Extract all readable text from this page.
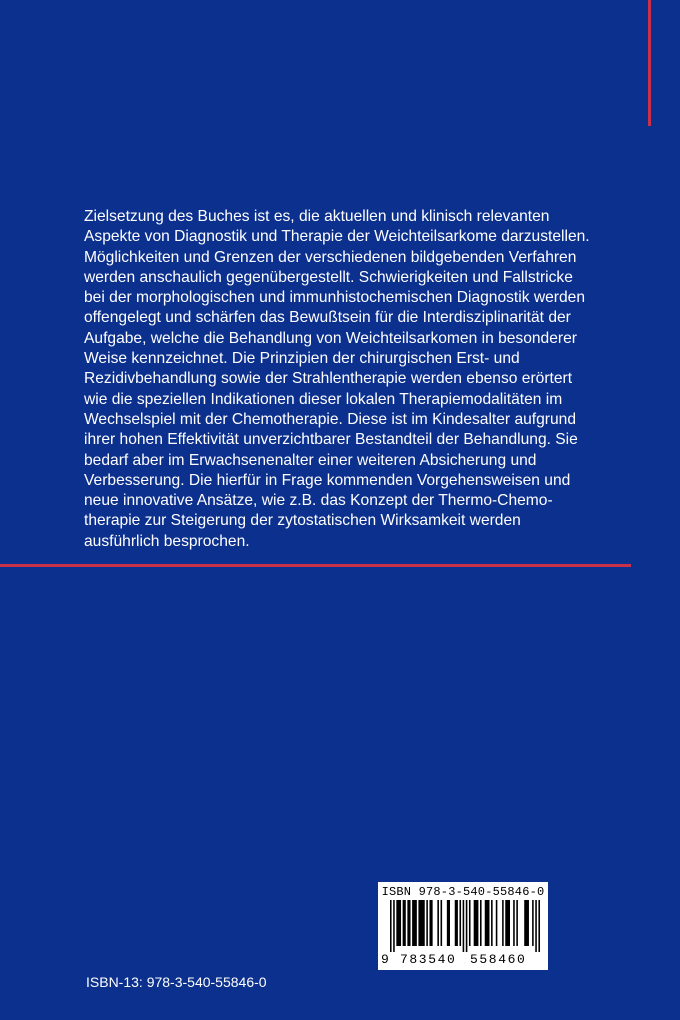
Zielsetzung des Buches ist es, die aktuellen und klinisch relevanten
Aspekte von Diagnostik und Therapie der Weichteilsarkome darzustellen.
Möglichkeiten und Grenzen der verschiedenen bildgebenden Verfahren
werden anschaulich gegenübergestellt. Schwierigkeiten und Fallstricke
bei der morphologischen und immunhistochemischen Diagnostik werden
offengelegt und schärfen das Bewußtsein für die Interdisziplinarität der
Aufgabe, welche die Behandlung von Weichteilsarkomen in besonderer
Weise kennzeichnet. Die Prinzipien der chirurgischen Erst- und
Rezidivbehandlung sowie der Strahlentherapie werden ebenso erörtert
wie die speziellen Indikationen dieser lokalen Therapiemodalitäten im
Wechselspiel mit der Chemotherapie. Diese ist im Kindesalter aufgrund
ihrer hohen Effektivität unverzichtbarer Bestandteil der Behandlung. Sie
bedarf aber im Erwachsenenalter einer weiteren Absicherung und
Verbesserung. Die hierfür in Frage kommenden Vorgehensweisen und
neue innovative Ansätze, wie z.B. das Konzept der Thermo-Chemo-
therapie zur Steigerung der zytostatischen Wirksamkeit werden
ausführlich besprochen.

ISBN 978-3-540-55846-0
9 783540 558460
ISBN-13: 978-3-540-55846-0
